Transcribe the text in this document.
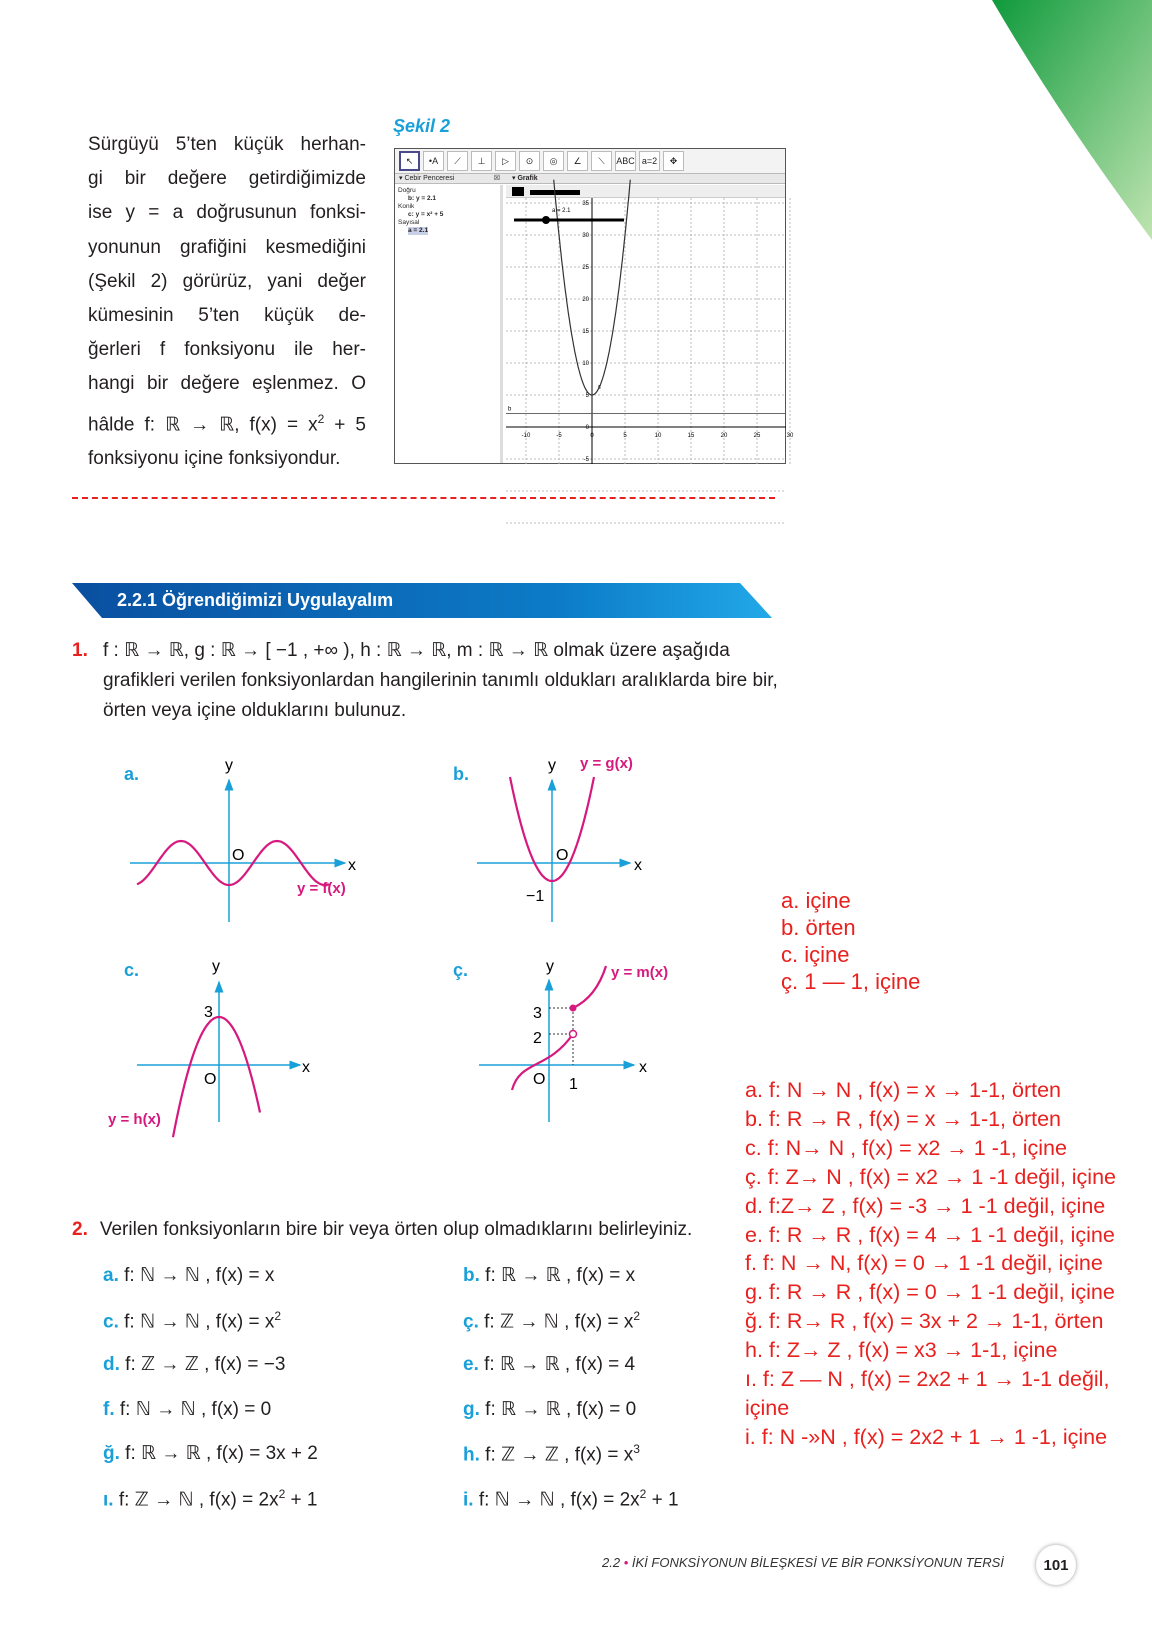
Sürgüyü 5’ten küçük herhan-
gi bir değere getirdiğimizde
ise y = a doğrusunun fonksi-
yonunun grafiğini kesmediğini
(Şekil 2) görürüz, yani değer
kümesinin 5’ten küçük de-
ğerleri f fonksiyonu ile her-
hangi bir değere eşlenmez. O
hâlde f: ℝ → ℝ, $f(x) = x^2 + 5$
fonksiyonu içine fonksiyondur.
Şekil 2
↖	•A	⟋	⊥	▷	⊙	◎	∠	⟍	ABC a=2	✥
▾ Cebir Penceresi	☒	▾ Grafik
Doğru
b: y = 2.1
Konik
c: y = x² + 5
Sayısal
a = 2.1
35
30
25
20
15
10
5
0
-5
-10	-5	0	5	10	15	20	25	30
a = 2.1
b
c
2.2.1 Öğrendiğimizi Uygulayalım
1. f : ℝ → ℝ, g : ℝ → [ −1 , +∞ ), h : ℝ → ℝ, m : ℝ → ℝ olmak üzere aşağıda grafikleri verilen fonksiyonlardan hangilerinin tanımlı oldukları aralıklarda bire bir, örten veya içine olduklarını bulunuz.
a.	y
O
x
y = f(x)
b.	y
O
x
−1
y = g(x)
c.	y
O
x
3
y = h(x)
ç.	y
O
x
3
2
1
y = m(x)
a. içine
b. örten
c. içine
ç. 1 — 1, içine
a. f: N → N , f(x) = x → 1-1, örten
b. f: R → R , f(x) = x → 1-1, örten
c. f: N→ N , f(x) = x2 → 1 -1, içine
ç. f: Z→ N , f(x) = x2 → 1 -1 değil, içine
d. f:Z→ Z , f(x) = -3 → 1 -1 değil, içine
e. f: R → R , f(x) = 4 → 1 -1 değil, içine
f. f: N → N, f(x) = 0 → 1 -1 değil, içine
g. f: R → R , f(x) = 0 → 1 -1 değil, içine
ğ. f: R→ R , f(x) = 3x + 2 → 1-1, örten
h. f: Z→ Z , f(x) = x3 → 1-1, içine
ı. f: Z — N , f(x) = 2x2 + 1 → 1-1 değil,
içine
i. f: N -»N , f(x) = 2x2 + 1 → 1 -1, içine
2. Verilen fonksiyonların bire bir veya örten olup olmadıklarını belirleyiniz.
a. f: ℕ → ℕ , f(x) = x	b. f: ℝ → ℝ , f(x) = x
c. f: ℕ → ℕ , $f(x) = x^2$	ç. f: ℤ → ℕ , $f(x) = x^2$
d. f: ℤ → ℤ , f(x) = −3	e. f: ℝ → ℝ , f(x) = 4
f. f: ℕ → ℕ , f(x) = 0	g. f: ℝ → ℝ , f(x) = 0
ğ. f: ℝ → ℝ , f(x) = 3x + 2	h. f: ℤ → ℤ , $f(x) = x^3$
ı. f: ℤ → ℕ , $f(x) = 2x^2 + 1$	i. f: ℕ → ℕ , $f(x) = 2x^2 + 1$
2.2 • İKİ FONKSİYONUN BİLEŞKESİ VE BİR FONKSİYONUN TERSİ	101
